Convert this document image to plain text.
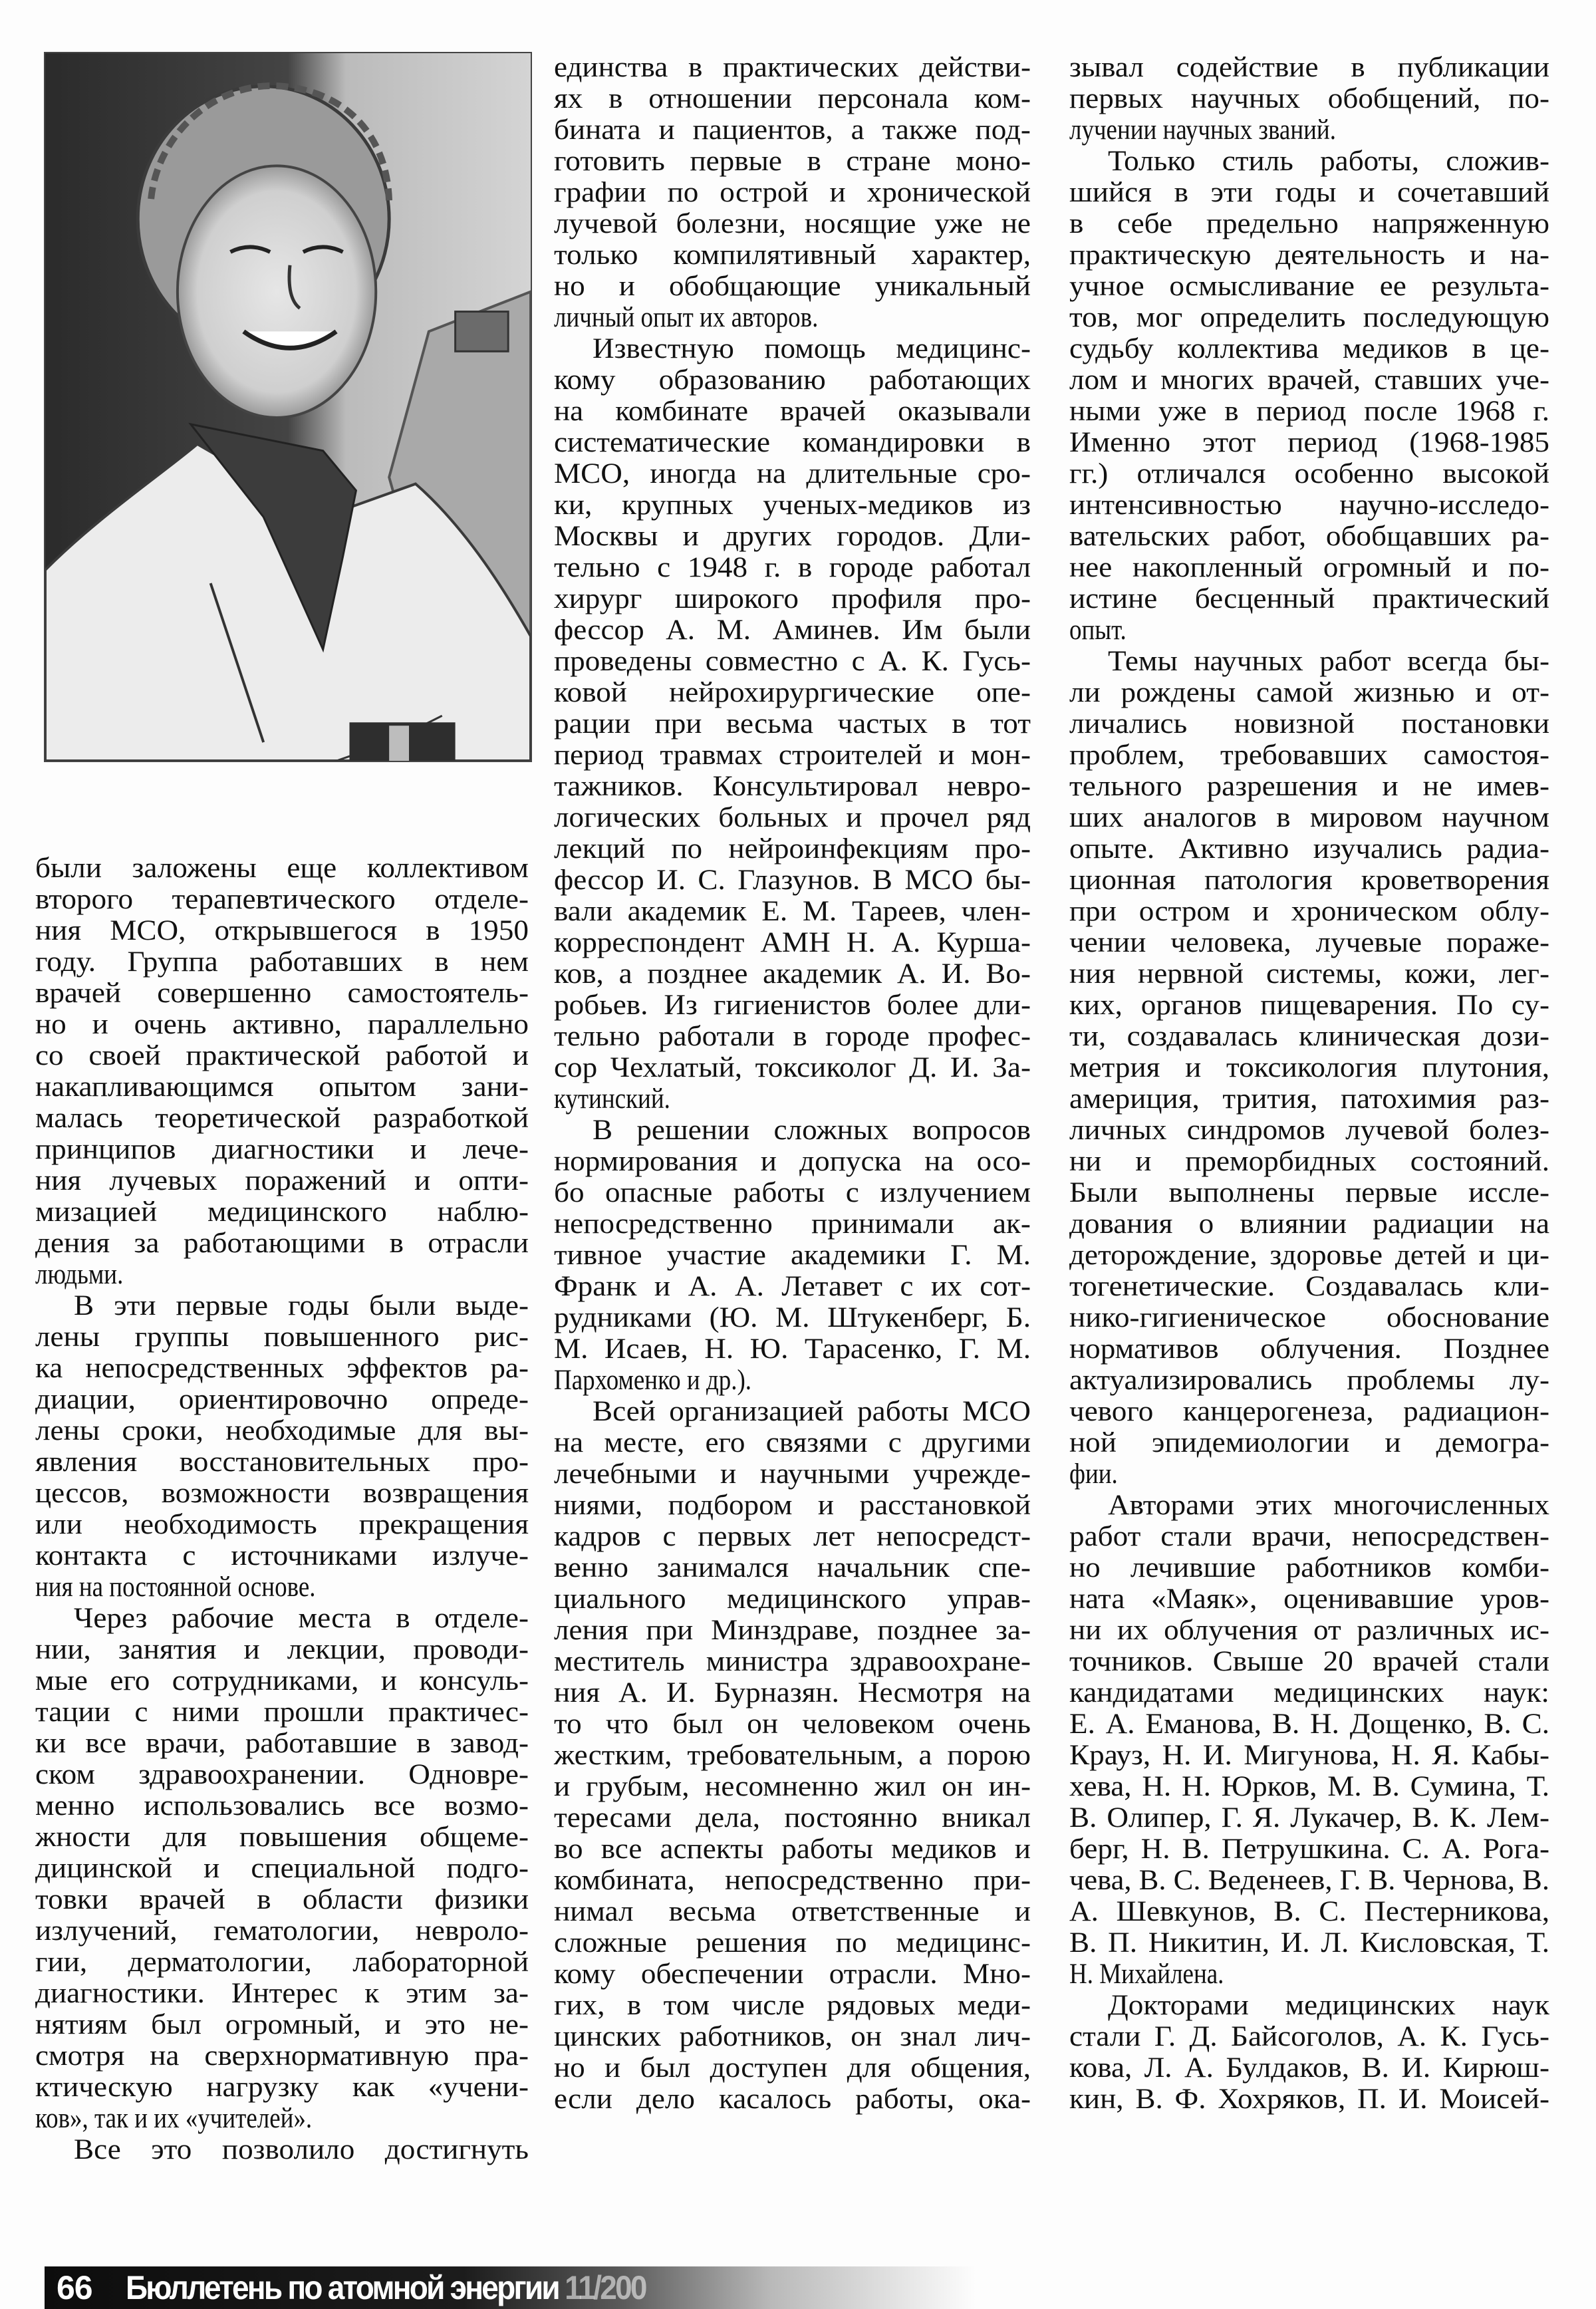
были заложены еще коллективом
второго терапевтического отделе-
ния МСО, открывшегося в 1950
году. Группа работавших в нем
врачей совершенно самостоятель-
но и очень активно, параллельно
со своей практической работой и
накапливающимся опытом зани-
малась теоретической разработкой
принципов диагностики и лече-
ния лучевых поражений и опти-
мизацией медицинского наблю-
дения за работающими в отрасли
людьми.
В эти первые годы были выде-
лены группы повышенного рис-
ка непосредственных эффектов ра-
диации, ориентировочно опреде-
лены сроки, необходимые для вы-
явления восстановительных про-
цессов, возможности возвращения
или необходимость прекращения
контакта с источниками излуче-
ния на постоянной основе.
Через рабочие места в отделе-
нии, занятия и лекции, проводи-
мые его сотрудниками, и консуль-
тации с ними прошли практичес-
ки все врачи, работавшие в завод-
ском здравоохранении. Одновре-
менно использовались все возмо-
жности для повышения общеме-
дицинской и специальной подго-
товки врачей в области физики
излучений, гематологии, невроло-
гии, дерматологии, лабораторной
диагностики. Интерес к этим за-
нятиям был огромный, и это не-
смотря на сверхнормативную пра-
ктическую нагрузку как «учени-
ков», так и их «учителей».
Все это позволило достигнуть
единства в практических действи-
ях в отношении персонала ком-
бината и пациентов, а также под-
готовить первые в стране моно-
графии по острой и хронической
лучевой болезни, носящие уже не
только компилятивный характер,
но и обобщающие уникальный
личный опыт их авторов.
Известную помощь медицинс-
кому образованию работающих
на комбинате врачей оказывали
систематические командировки в
МСО, иногда на длительные сро-
ки, крупных ученых-медиков из
Москвы и других городов. Дли-
тельно с 1948 г. в городе работал
хирург широкого профиля про-
фессор А. М. Аминев. Им были
проведены совместно с А. К. Гусь-
ковой нейрохирургические опе-
рации при весьма частых в тот
период травмах строителей и мон-
тажников. Консультировал невро-
логических больных и прочел ряд
лекций по нейроинфекциям про-
фессор И. С. Глазунов. В МСО бы-
вали академик Е. М. Тареев, член-
корреспондент АМН Н. А. Курша-
ков, а позднее академик А. И. Во-
робьев. Из гигиенистов более дли-
тельно работали в городе профес-
сор Чехлатый, токсиколог Д. И. За-
кутинский.
В решении сложных вопросов
нормирования и допуска на осо-
бо опасные работы с излучением
непосредственно принимали ак-
тивное участие академики Г. М.
Франк и А. А. Летавет с их сот-
рудниками (Ю. М. Штукенберг, Б.
М. Исаев, Н. Ю. Тарасенко, Г. М.
Пархоменко и др.).
Всей организацией работы МСО
на месте, его связями с другими
лечебными и научными учрежде-
ниями, подбором и расстановкой
кадров с первых лет непосредст-
венно занимался начальник спе-
циального медицинского управ-
ления при Минздраве, позднее за-
меститель министра здравоохране-
ния А. И. Бурназян. Несмотря на
то что был он человеком очень
жестким, требовательным, а порою
и грубым, несомненно жил он ин-
тересами дела, постоянно вникал
во все аспекты работы медиков и
комбината, непосредственно при-
нимал весьма ответственные и
сложные решения по медицинс-
кому обеспечении отрасли. Мно-
гих, в том числе рядовых меди-
цинских работников, он знал лич-
но и был доступен для общения,
если дело касалось работы, ока-
зывал содействие в публикации
первых научных обобщений, по-
лучении научных званий.
Только стиль работы, сложив-
шийся в эти годы и сочетавший
в себе предельно напряженную
практическую деятельность и на-
учное осмысливание ее результа-
тов, мог определить последующую
судьбу коллектива медиков в це-
лом и многих врачей, ставших уче-
ными уже в период после 1968 г.
Именно этот период (1968-1985
гг.) отличался особенно высокой
интенсивностью научно-исследо-
вательских работ, обобщавших ра-
нее накопленный огромный и по-
истине бесценный практический
опыт.
Темы научных работ всегда бы-
ли рождены самой жизнью и от-
личались новизной постановки
проблем, требовавших самостоя-
тельного разрешения и не имев-
ших аналогов в мировом научном
опыте. Активно изучались радиа-
ционная патология кроветворения
при остром и хроническом облу-
чении человека, лучевые пораже-
ния нервной системы, кожи, лег-
ких, органов пищеварения. По су-
ти, создавалась клиническая дози-
метрия и токсикология плутония,
америция, трития, патохимия раз-
личных синдромов лучевой болез-
ни и преморбидных состояний.
Были выполнены первые иссле-
дования о влиянии радиации на
деторождение, здоровье детей и ци-
тогенетические. Создавалась кли-
нико-гигиеническое обоснование
нормативов облучения. Позднее
актуализировались проблемы лу-
чевого канцерогенеза, радиацион-
ной эпидемиологии и демогра-
фии.
Авторами этих многочисленных
работ стали врачи, непосредствен-
но лечившие работников комби-
ната «Маяк», оценивавшие уров-
ни их облучения от различных ис-
точников. Свыше 20 врачей стали
кандидатами медицинских наук:
Е. А. Еманова, В. Н. Дощенко, В. С.
Крауз, Н. И. Мигунова, Н. Я. Кабы-
хева, Н. Н. Юрков, М. В. Сумина, Т.
В. Олипер, Г. Я. Лукачер, В. К. Лем-
берг, Н. В. Петрушкина. С. А. Рога-
чева, В. С. Веденеев, Г. В. Чернова, В.
А. Шевкунов, В. С. Пестерникова,
В. П. Никитин, И. Л. Кисловская, Т.
Н. Михайлена.
Докторами медицинских наук
стали Г. Д. Байсоголов, А. К. Гусь-
кова, Л. А. Булдаков, В. И. Кирюш-
кин, В. Ф. Хохряков, П. И. Моисей-
66 Бюллетень по атомной энергии 11/200
